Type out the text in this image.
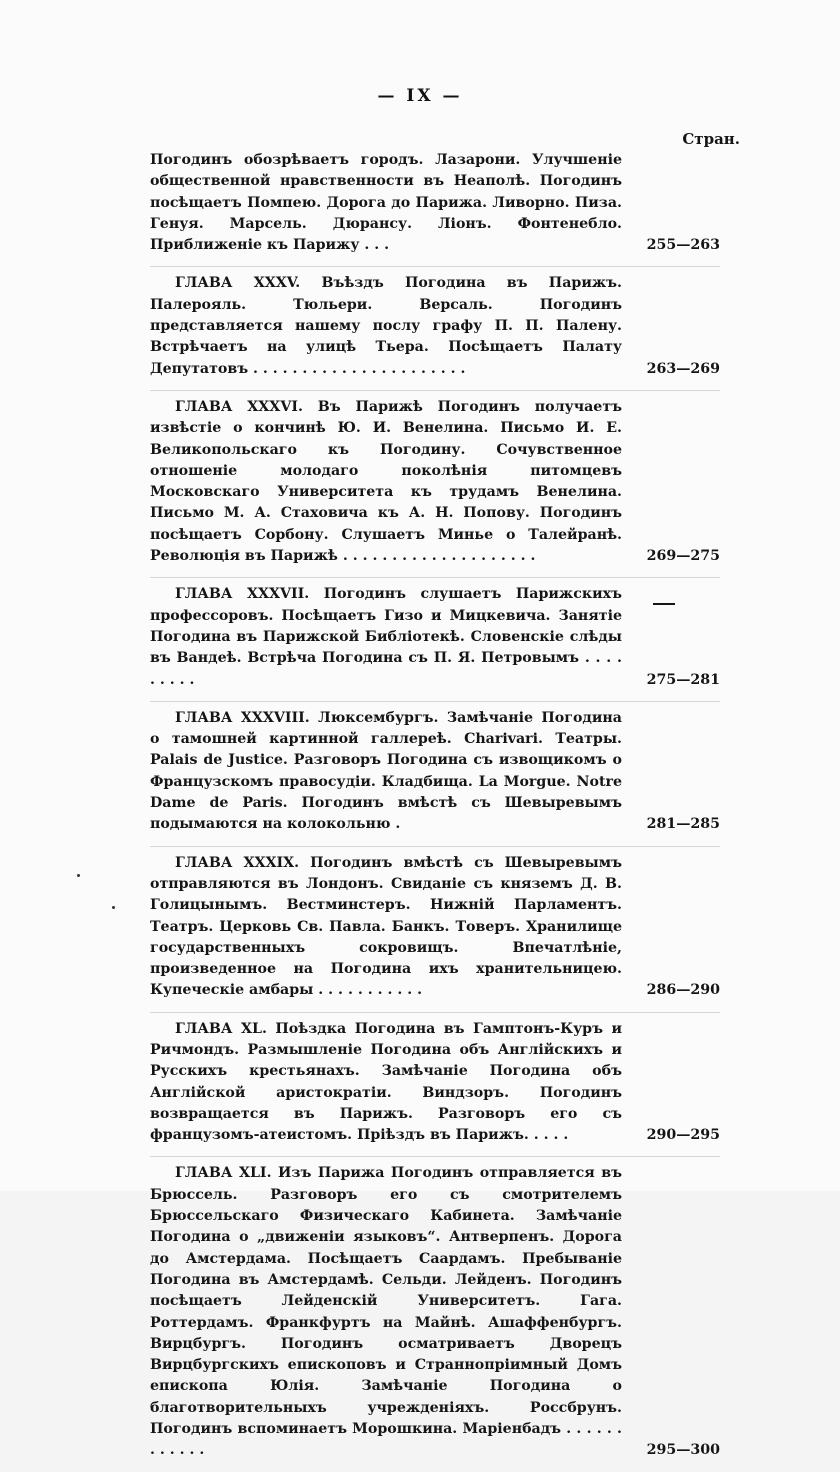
— IX —
Стран.

Погодинъ обозрѣваетъ городъ. Лазарони. Улучшеніе общественной нравственности въ Неаполѣ. Погодинъ посѣщаетъ Помпею. Дорога до Парижа. Ливорно. Пиза. Генуя. Марсель. Дюрансу. Ліонъ. Фонтенебло. Приближеніе къ Парижу . . .	255—263

ГЛАВА XXXV. Въѣздъ Погодина въ Парижъ. Палерояль. Тюльери. Версаль. Погодинъ представляется нашему послу графу П. П. Палену. Встрѣчаетъ на улицѣ Тьера. Посѣщаетъ Палату Депутатовъ . . . . . . . . . . . . . . . . . . . . . .	263—269

ГЛАВА XXXVI. Въ Парижѣ Погодинъ получаетъ извѣстіе о кончинѣ Ю. И. Венелина. Письмо И. Е. Великопольскаго къ Погодину. Сочувственное отношеніе молодаго поколѣнія питомцевъ Московскаго Университета къ трудамъ Венелина. Письмо М. А. Стаховича къ А. Н. Попову. Погодинъ посѣщаетъ Сорбону. Слушаетъ Минье о Талейранѣ. Революція въ Парижѣ . . . . . . . . . . . . . . . . . . . .	269—275

ГЛАВА XXXVII. Погодинъ слушаетъ Парижскихъ профессоровъ. Посѣщаетъ Гизо и Мицкевича. Занятіе Погодина въ Парижской Библіотекѣ. Словенскіе слѣды въ Вандеѣ. Встрѣча Погодина съ П. Я. Петровымъ . . . . . . . . .	275—281

ГЛАВА XXXVIII. Люксембургъ. Замѣчаніе Погодина о тамошней картинной галлереѣ. Charivari. Театры. Palais de Justice. Разговоръ Погодина съ извощикомъ о Французскомъ правосудіи. Кладбища. La Morgue. Notre Dame de Paris. Погодинъ вмѣстѣ съ Шевыревымъ подымаются на колокольню .	281—285

ГЛАВА XXXIX. Погодинъ вмѣстѣ съ Шевыревымъ отправляются въ Лондонъ. Свиданіе съ княземъ Д. В. Голицынымъ. Вестминстеръ. Нижній Парламентъ. Театръ. Церковь Св. Павла. Банкъ. Товеръ. Хранилище государственныхъ сокровищъ. Впечатлѣніе, произведенное на Погодина ихъ хранительницею. Купеческіе амбары . . . . . . . . . . .	286—290

ГЛАВА XL. Поѣздка Погодина въ Гамптонъ-Куръ и Ричмондъ. Размышленіе Погодина объ Англійскихъ и Русскихъ крестьянахъ. Замѣчаніе Погодина объ Англійской аристократіи. Виндзоръ. Погодинъ возвращается въ Парижъ. Разговоръ его съ французомъ-атеистомъ. Пріѣздъ въ Парижъ. . . . .	290—295

ГЛАВА XLI. Изъ Парижа Погодинъ отправляется въ Брюссель. Разговоръ его съ смотрителемъ Брюссельскаго Физическаго Кабинета. Замѣчаніе Погодина о „движеніи языковъ“. Антверпенъ. Дорога до Амстердама. Посѣщаетъ Саардамъ. Пребываніе Погодина въ Амстердамѣ. Сельди. Лейденъ. Погодинъ посѣщаетъ Лейденскій Университетъ. Гага. Роттердамъ. Франкфуртъ на Майнѣ. Ашаффенбургъ. Вирцбургъ. Погодинъ осматриваетъ Дворецъ Вирцбургскихъ епископовъ и Страннопріимный Домъ епископа Юлія. Замѣчаніе Погодина о благотворительныхъ учрежденіяхъ. Россбрунъ. Погодинъ вспоминаетъ Морошкина. Маріенбадъ . . . . . . . . . . . .	295—300
